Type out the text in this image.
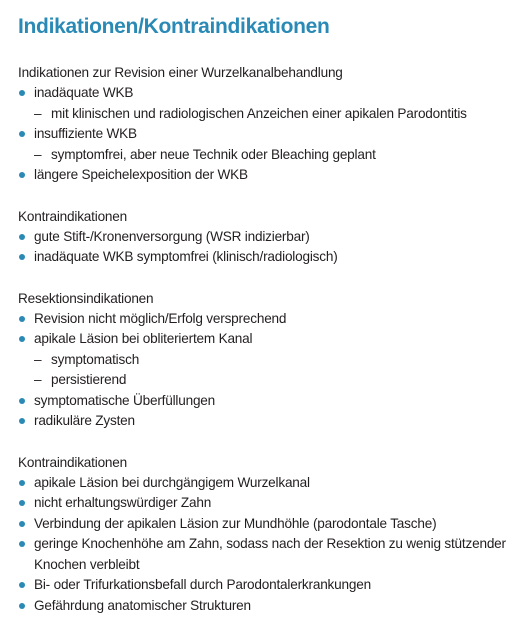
Indikationen/Kontraindikationen
Indikationen zur Revision einer Wurzelkanalbehandlung
inadäquate WKB
– mit klinischen und radiologischen Anzeichen einer apikalen Parodontitis
insuffiziente WKB
– symptomfrei, aber neue Technik oder Bleaching geplant
längere Speichelexposition der WKB
Kontraindikationen
gute Stift-/Kronenversorgung (WSR indizierbar)
inadäquate WKB symptomfrei (klinisch/radiologisch)
Resektionsindikationen
Revision nicht möglich/Erfolg versprechend
apikale Läsion bei obliteriertem Kanal
– symptomatisch
– persistierend
symptomatische Überfüllungen
radikuläre Zysten
Kontraindikationen
apikale Läsion bei durchgängigem Wurzelkanal
nicht erhaltungswürdiger Zahn
Verbindung der apikalen Läsion zur Mundhöhle (parodontale Tasche)
geringe Knochenhöhe am Zahn, sodass nach der Resektion zu wenig stützender Knochen verbleibt
Bi- oder Trifurkationsbefall durch Parodontalerkrankungen
Gefährdung anatomischer Strukturen
